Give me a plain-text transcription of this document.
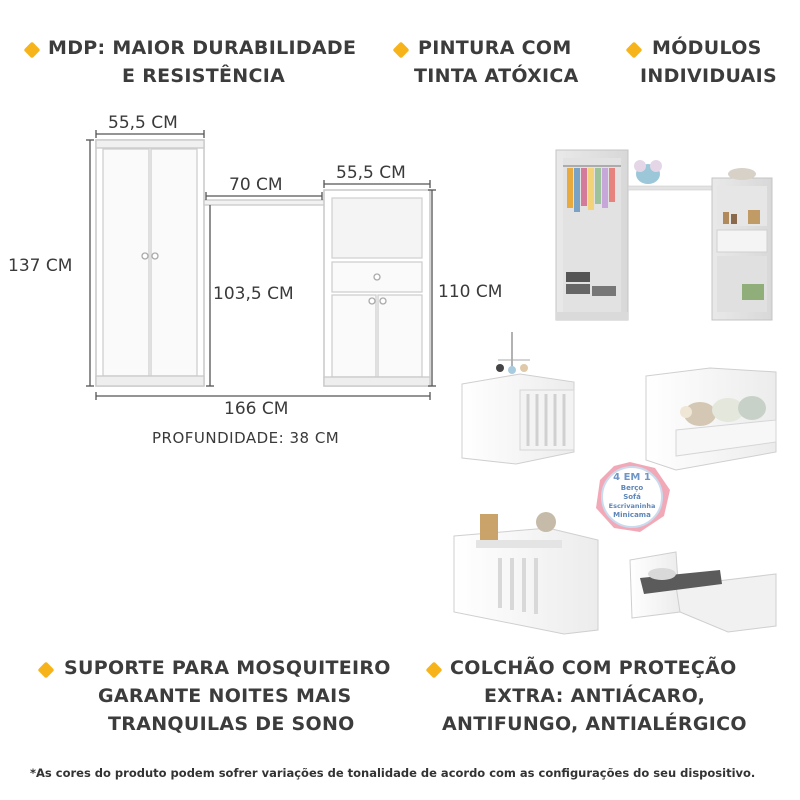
MDP: MAIOR DURABILIDADE
E RESISTÊNCIA
PINTURA COM
TINTA ATÓXICA
MÓDULOS
INDIVIDUAIS
55,5 CM
70 CM
55,5 CM
137 CM
103,5 CM	110 CM
166 CM
PROFUNDIDADE: 38 CM
4 EM 1
Berço
Sofá
Escrivaninha
Minicama
SUPORTE PARA MOSQUITEIRO
GARANTE NOITES MAIS
TRANQUILAS DE SONO
COLCHÃO COM PROTEÇÃO
EXTRA: ANTIÁCARO,
ANTIFUNGO, ANTIALÉRGICO
*As cores do produto podem sofrer variações de tonalidade de acordo com as configurações do seu dispositivo.
